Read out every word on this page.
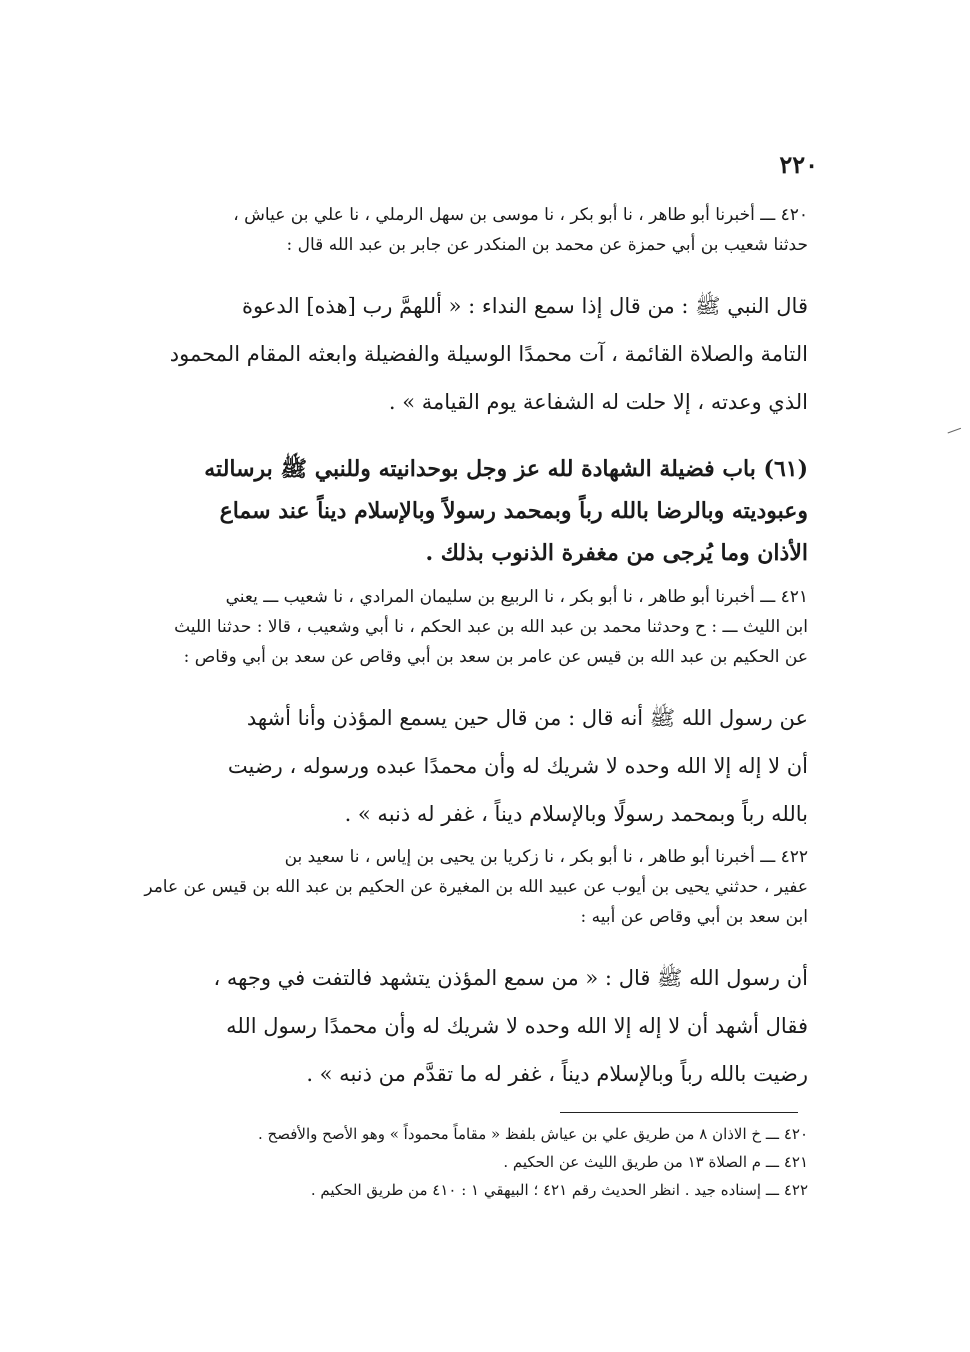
٢٢٠
٤٢٠ ـــ أخبرنا أبو طاهر ، نا أبو بكر ، نا موسى بن سهل الرملي ، نا علي بن عياش ،
حدثنا شعيب بن أبي حمزة عن محمد بن المنكدر عن جابر بن عبد الله قال :
قال النبي ﷺ : من قال إذا سمع النداء : « أللهمَّ رب [هذه] الدعوة
التامة والصلاة القائمة ، آت محمدًا الوسيلة والفضيلة وابعثه المقام المحمود
الذي وعدته ، إلا حلت له الشفاعة يوم القيامة » .
(٦١) باب فضيلة الشهادة لله عز وجل بوحدانيته وللنبي ﷺ برسالته
وعبوديته وبالرضا بالله رباً وبمحمد رسولاً وبالإسلام ديناً عند سماع
الأذان وما يُرجى من مغفرة الذنوب بذلك .
٤٢١ ـــ أخبرنا أبو طاهر ، نا أبو بكر ، نا الربيع بن سليمان المرادي ، نا شعيب ـــ يعني
ابن الليث ـــ : ح وحدثنا محمد بن عبد الله بن عبد الحكم ، نا أبي وشعيب ، قالا : حدثنا الليث
عن الحكيم بن عبد الله بن قيس عن عامر بن سعد بن أبي وقاص عن سعد بن أبي وقاص :
عن رسول الله ﷺ أنه قال : من قال حين يسمع المؤذن وأنا أشهد
أن لا إله إلا الله وحده لا شريك له وأن محمدًا عبده ورسوله ، رضيت
بالله رباً وبمحمد رسولًا وبالإسلام ديناً ، غفر له ذنبه » .
٤٢٢ ـــ أخبرنا أبو طاهر ، نا أبو بكر ، نا زكريا بن يحيى بن إياس ، نا سعيد بن
عفير ، حدثني يحيى بن أيوب عن عبيد الله بن المغيرة عن الحكيم بن عبد الله بن قيس عن عامر
ابن سعد بن أبي وقاص عن أبيه :
أن رسول الله ﷺ قال : « من سمع المؤذن يتشهد فالتفت في وجهه ،
فقال أشهد أن لا إله إلا الله وحده لا شريك له وأن محمدًا رسول الله
رضيت بالله رباً وبالإسلام ديناً ، غفر له ما تقدَّم من ذنبه » .
٤٢٠ ـــ خ الاذان ٨ من طريق علي بن عياش بلفظ « مقاماً محموداً » وهو الأصح والأفصح .
٤٢١ ـــ م الصلاة ١٣ من طريق الليث عن الحكيم .
٤٢٢ ـــ إسناده جيد . انظر الحديث رقم ٤٢١ ؛ البيهقي ١ : ٤١٠ من طريق الحكيم .
